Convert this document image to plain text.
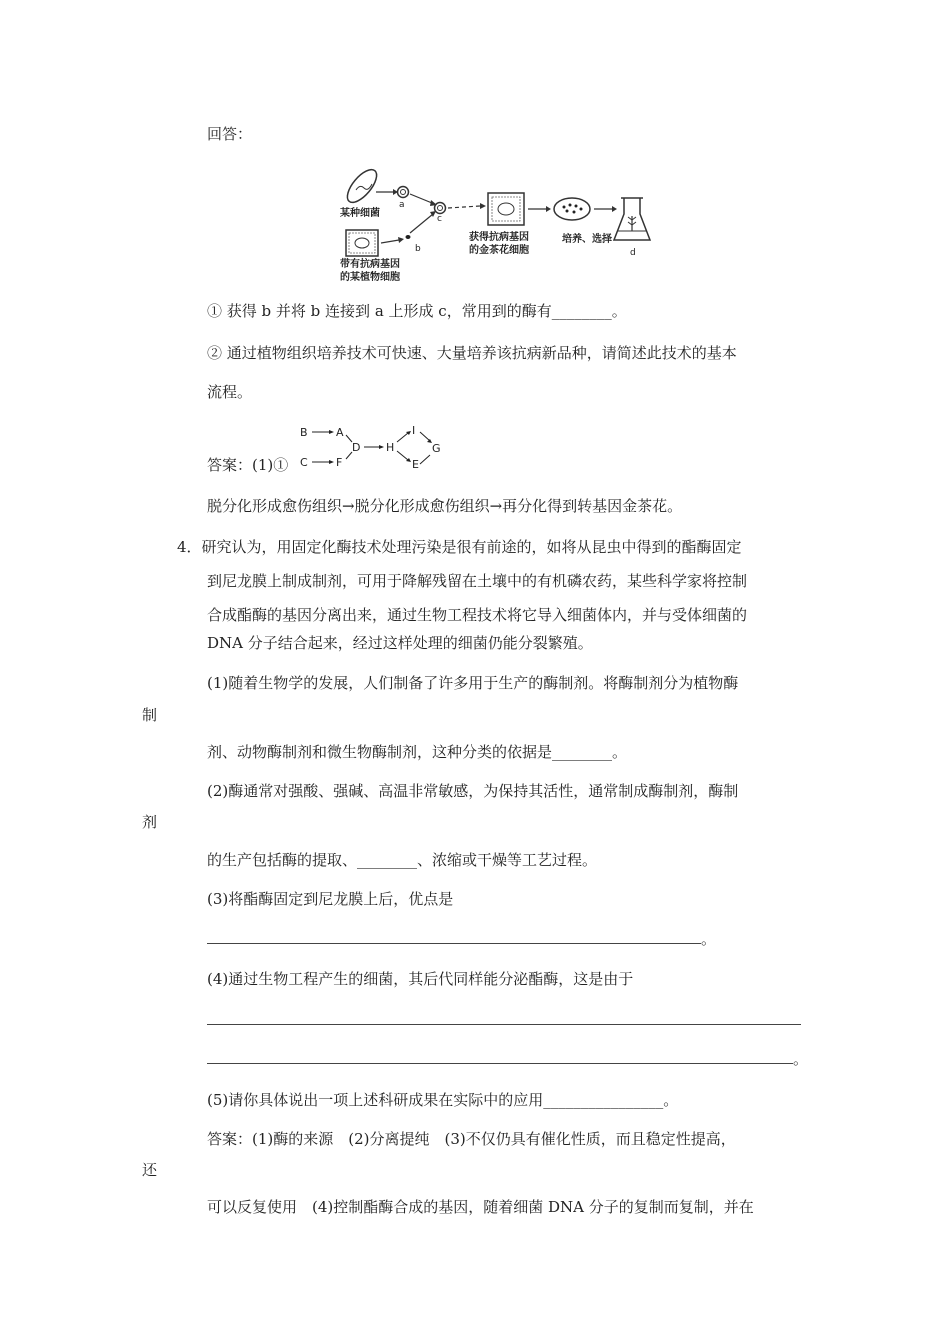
回答：
a
b
c
d
某种细菌
带有抗病基因
的某植物细胞
获得抗病基因
的金茶花细胞
培养、选择
① 获得 b 并将 b 连接到 a 上形成 c，常用到的酶有________。
② 通过植物组织培养技术可快速、大量培养该抗病新品种，请简述此技术的基本
流程。
答案：(1)①
B	A
C	F
D H
I
E
G
脱分化形成愈伤组织→脱分化形成愈伤组织→再分化得到转基因金茶花。
4．研究认为，用固定化酶技术处理污染是很有前途的，如将从昆虫中得到的酯酶固定
到尼龙膜上制成制剂，可用于降解残留在土壤中的有机磷农药，某些科学家将控制
合成酯酶的基因分离出来，通过生物工程技术将它导入细菌体内，并与受体细菌的
DNA 分子结合起来，经过这样处理的细菌仍能分裂繁殖。
(1)随着生物学的发展，人们制备了许多用于生产的酶制剂。将酶制剂分为植物酶
制
剂、动物酶制剂和微生物酶制剂，这种分类的依据是________。
(2)酶通常对强酸、强碱、高温非常敏感，为保持其活性，通常制成酶制剂，酶制
剂
的生产包括酶的提取、________、浓缩或干燥等工艺过程。
(3)将酯酶固定到尼龙膜上后，优点是
。
(4)通过生物工程产生的细菌，其后代同样能分泌酯酶，这是由于
。
(5)请你具体说出一项上述科研成果在实际中的应用________________。
答案：(1)酶的来源　(2)分离提纯　(3)不仅仍具有催化性质，而且稳定性提高，
还
可以反复使用　(4)控制酯酶合成的基因，随着细菌 DNA 分子的复制而复制，并在
